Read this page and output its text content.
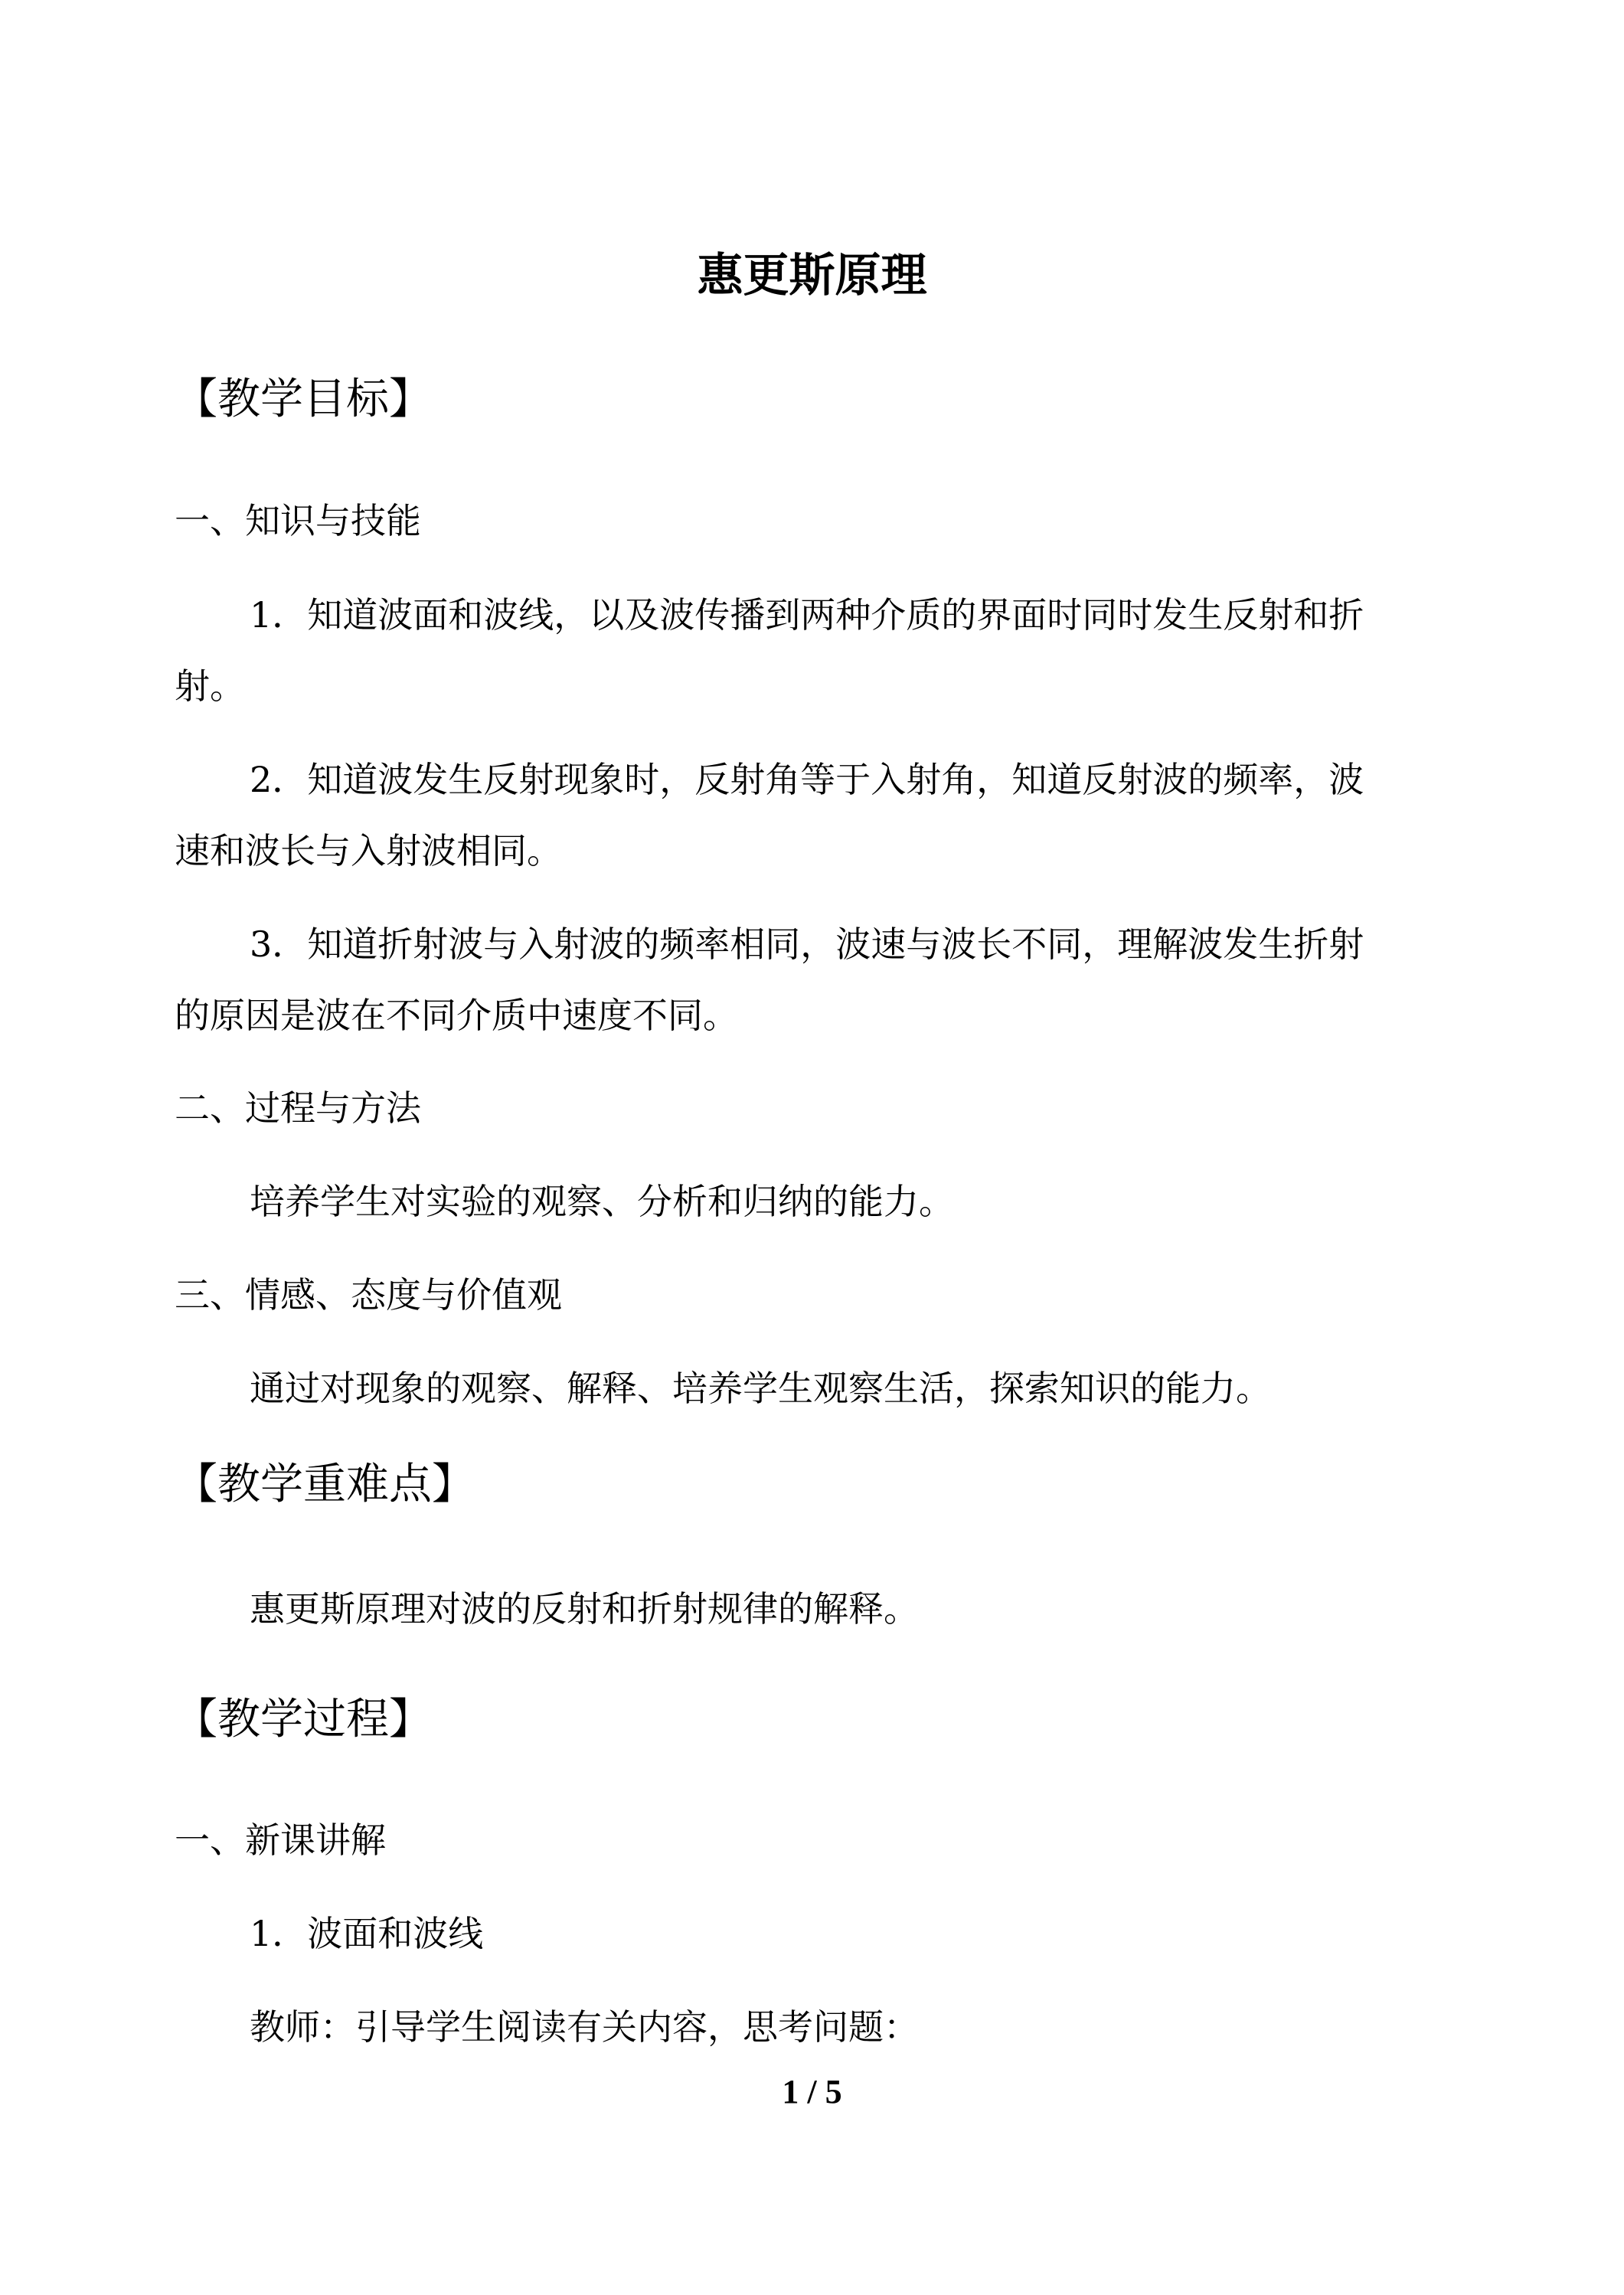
惠更斯原理
【教学目标】
一、知识与技能
1．知道波面和波线，以及波传播到两种介质的界面时同时发生反射和折
射。
2．知道波发生反射现象时，反射角等于入射角，知道反射波的频率，波
速和波长与入射波相同。
3．知道折射波与入射波的频率相同，波速与波长不同，理解波发生折射
的原因是波在不同介质中速度不同。
二、过程与方法
培养学生对实验的观察、分析和归纳的能力。
三、情感、态度与价值观
通过对现象的观察、解释、培养学生观察生活，探索知识的能力。
【教学重难点】
惠更斯原理对波的反射和折射规律的解释。
【教学过程】
一、新课讲解
1．波面和波线
教师：引导学生阅读有关内容，思考问题：
1 / 5
